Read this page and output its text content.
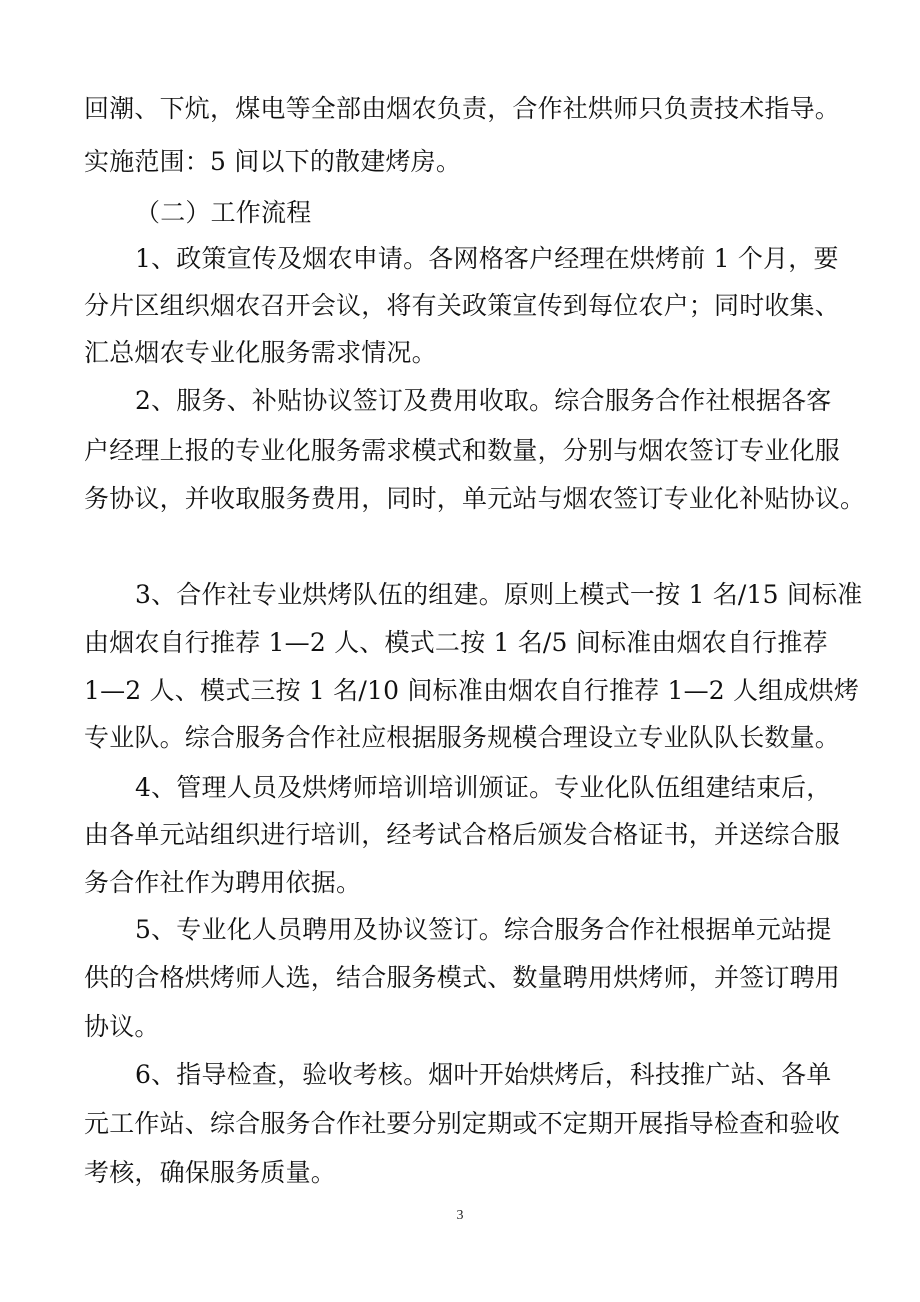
回潮、下炕，煤电等全部由烟农负责，合作社烘师只负责技术指导。

实施范围：5 间以下的散建烤房。

（二）工作流程

1、政策宣传及烟农申请。各网格客户经理在烘烤前 1 个月，要

分片区组织烟农召开会议，将有关政策宣传到每位农户；同时收集、

汇总烟农专业化服务需求情况。

2、服务、补贴协议签订及费用收取。综合服务合作社根据各客

户经理上报的专业化服务需求模式和数量，分别与烟农签订专业化服

务协议，并收取服务费用，同时，单元站与烟农签订专业化补贴协议。

3、合作社专业烘烤队伍的组建。原则上模式一按 1 名/15 间标准

由烟农自行推荐 1—2 人、模式二按 1 名/5 间标准由烟农自行推荐

1—2 人、模式三按 1 名/10 间标准由烟农自行推荐 1—2 人组成烘烤

专业队。综合服务合作社应根据服务规模合理设立专业队队长数量。

4、管理人员及烘烤师培训培训颁证。专业化队伍组建结束后，

由各单元站组织进行培训，经考试合格后颁发合格证书，并送综合服

务合作社作为聘用依据。

5、专业化人员聘用及协议签订。综合服务合作社根据单元站提

供的合格烘烤师人选，结合服务模式、数量聘用烘烤师，并签订聘用

协议。

6、指导检查，验收考核。烟叶开始烘烤后，科技推广站、各单

元工作站、综合服务合作社要分别定期或不定期开展指导检查和验收

考核，确保服务质量。

3
